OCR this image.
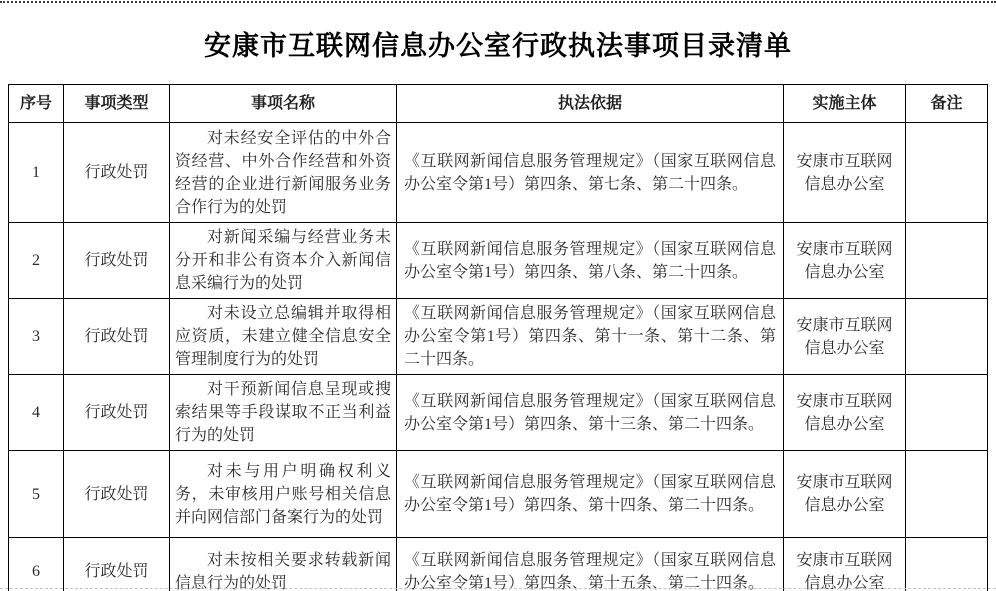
安康市互联网信息办公室行政执法事项目录清单
序号	事项类型	事项名称	执法依据	实施主体	备注
1	行政处罚	对未经安全评估的中外合资经营、中外合作经营和外资经营的企业进行新闻服务业务合作行为的处罚	《互联网新闻信息服务管理规定》（国家互联网信息办公室令第1号）第四条、第七条、第二十四条。	安康市互联网信息办公室	
2	行政处罚	对新闻采编与经营业务未分开和非公有资本介入新闻信息采编行为的处罚	《互联网新闻信息服务管理规定》（国家互联网信息办公室令第1号）第四条、第八条、第二十四条。	安康市互联网信息办公室	
3	行政处罚	对未设立总编辑并取得相应资质，未建立健全信息安全管理制度行为的处罚	《互联网新闻信息服务管理规定》（国家互联网信息办公室令第1号）第四条、第十一条、第十二条、第二十四条。	安康市互联网信息办公室	
4	行政处罚	对干预新闻信息呈现或搜索结果等手段谋取不正当利益行为的处罚	《互联网新闻信息服务管理规定》（国家互联网信息办公室令第1号）第四条、第十三条、第二十四条。	安康市互联网信息办公室	
5	行政处罚	对未与用户明确权利义务，未审核用户账号相关信息并向网信部门备案行为的处罚	《互联网新闻信息服务管理规定》（国家互联网信息办公室令第1号）第四条、第十四条、第二十四条。	安康市互联网信息办公室	
6	行政处罚	对未按相关要求转载新闻信息行为的处罚	《互联网新闻信息服务管理规定》（国家互联网信息办公室令第1号）第四条、第十五条、第二十四条。	安康市互联网信息办公室	
